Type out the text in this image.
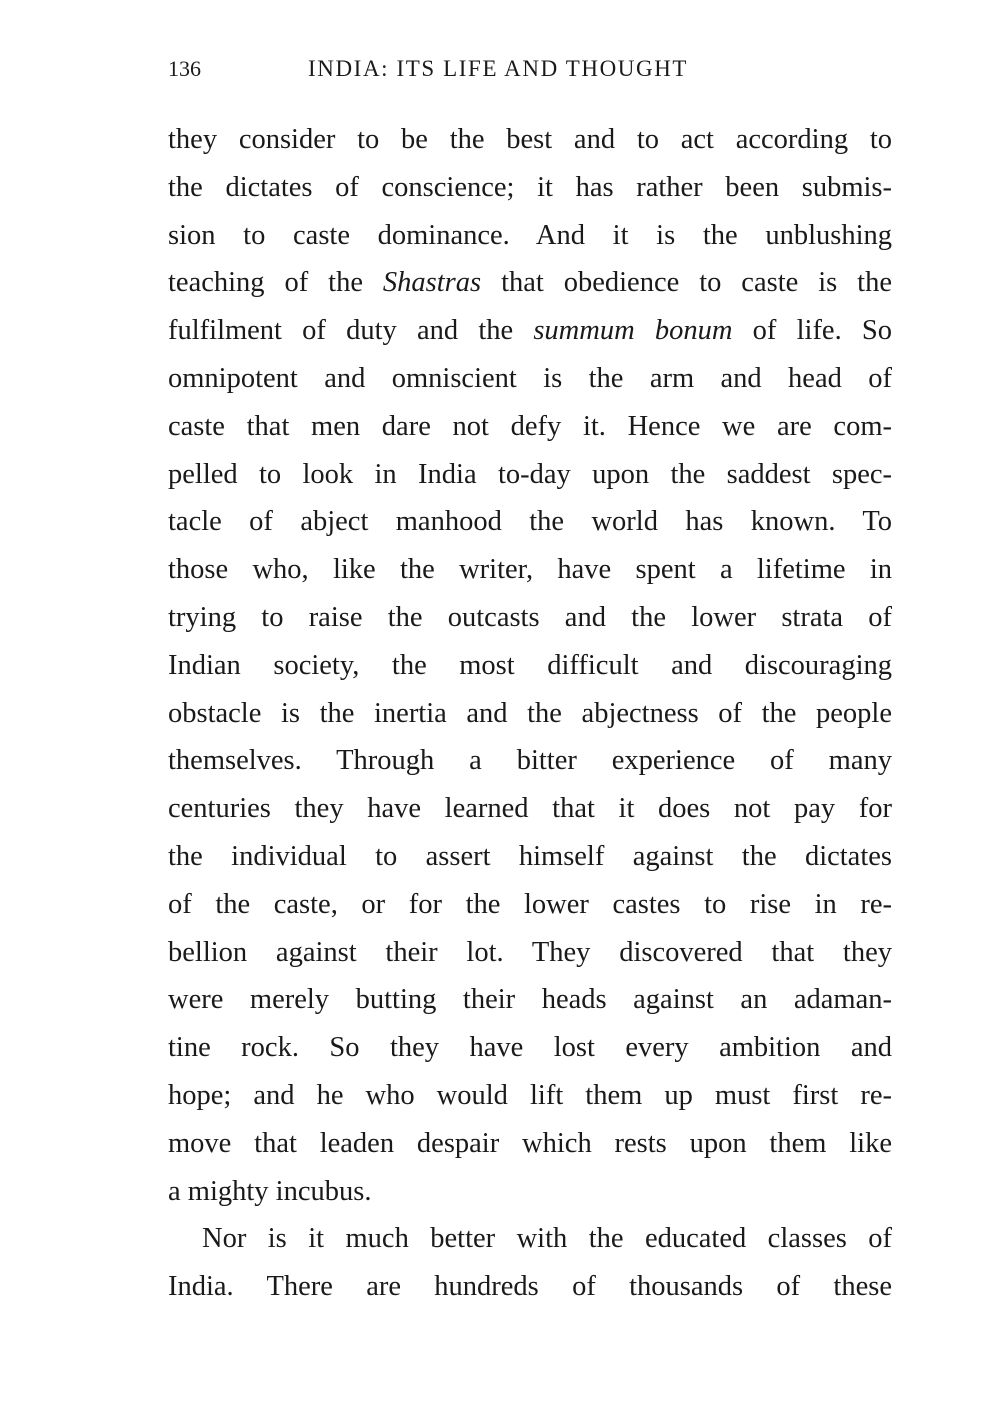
136	INDIA: ITS LIFE AND THOUGHT
they consider to be the best and to act according to
the dictates of conscience; it has rather been submis-
sion to caste dominance. And it is the unblushing
teaching of the Shastras that obedience to caste is the
fulfilment of duty and the summum bonum of life. So
omnipotent and omniscient is the arm and head of
caste that men dare not defy it. Hence we are com-
pelled to look in India to-day upon the saddest spec-
tacle of abject manhood the world has known. To
those who, like the writer, have spent a lifetime in
trying to raise the outcasts and the lower strata of
Indian society, the most difficult and discouraging
obstacle is the inertia and the abjectness of the people
themselves. Through a bitter experience of many
centuries they have learned that it does not pay for
the individual to assert himself against the dictates
of the caste, or for the lower castes to rise in re-
bellion against their lot. They discovered that they
were merely butting their heads against an adaman-
tine rock. So they have lost every ambition and
hope; and he who would lift them up must first re-
move that leaden despair which rests upon them like
a mighty incubus.
Nor is it much better with the educated classes of
India. There are hundreds of thousands of these
